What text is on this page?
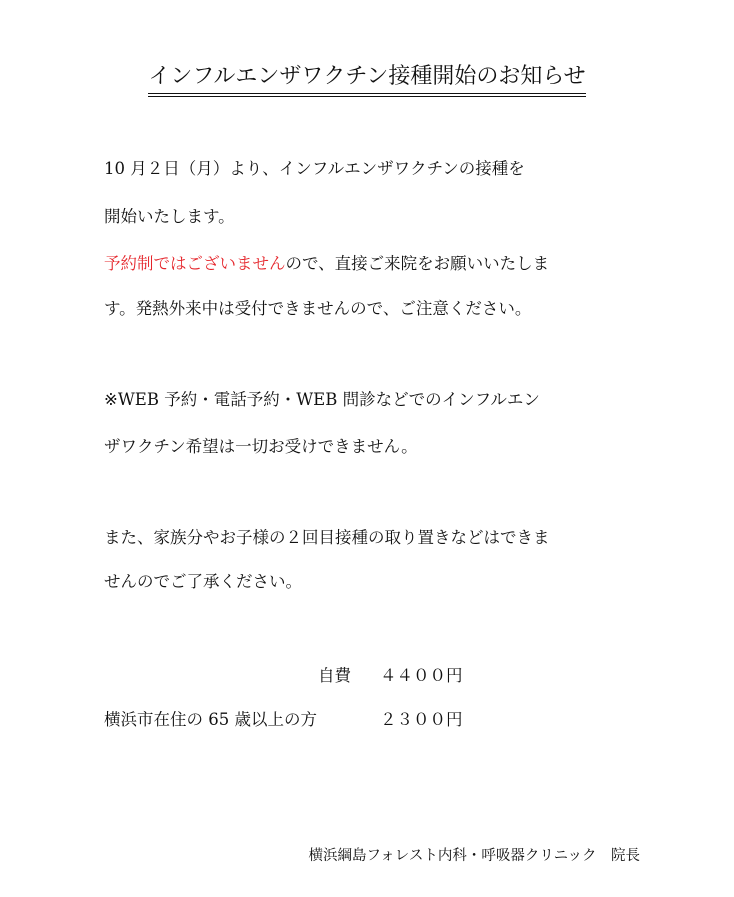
インフルエンザワクチン接種開始のお知らせ
10 月２日（月）より、インフルエンザワクチンの接種を
開始いたします。
予約制ではございませんので、直接ご来院をお願いいたしま
す。発熱外来中は受付できませんので、ご注意ください。
※WEB 予約・電話予約・WEB 問診などでのインフルエン
ザワクチン希望は一切お受けできません。
また、家族分やお子様の２回目接種の取り置きなどはできま
せんのでご了承ください。
自費 ４４００円
横浜市在住の 65 歳以上の方	２３００円
横浜綱島フォレスト内科・呼吸器クリニック　院長
